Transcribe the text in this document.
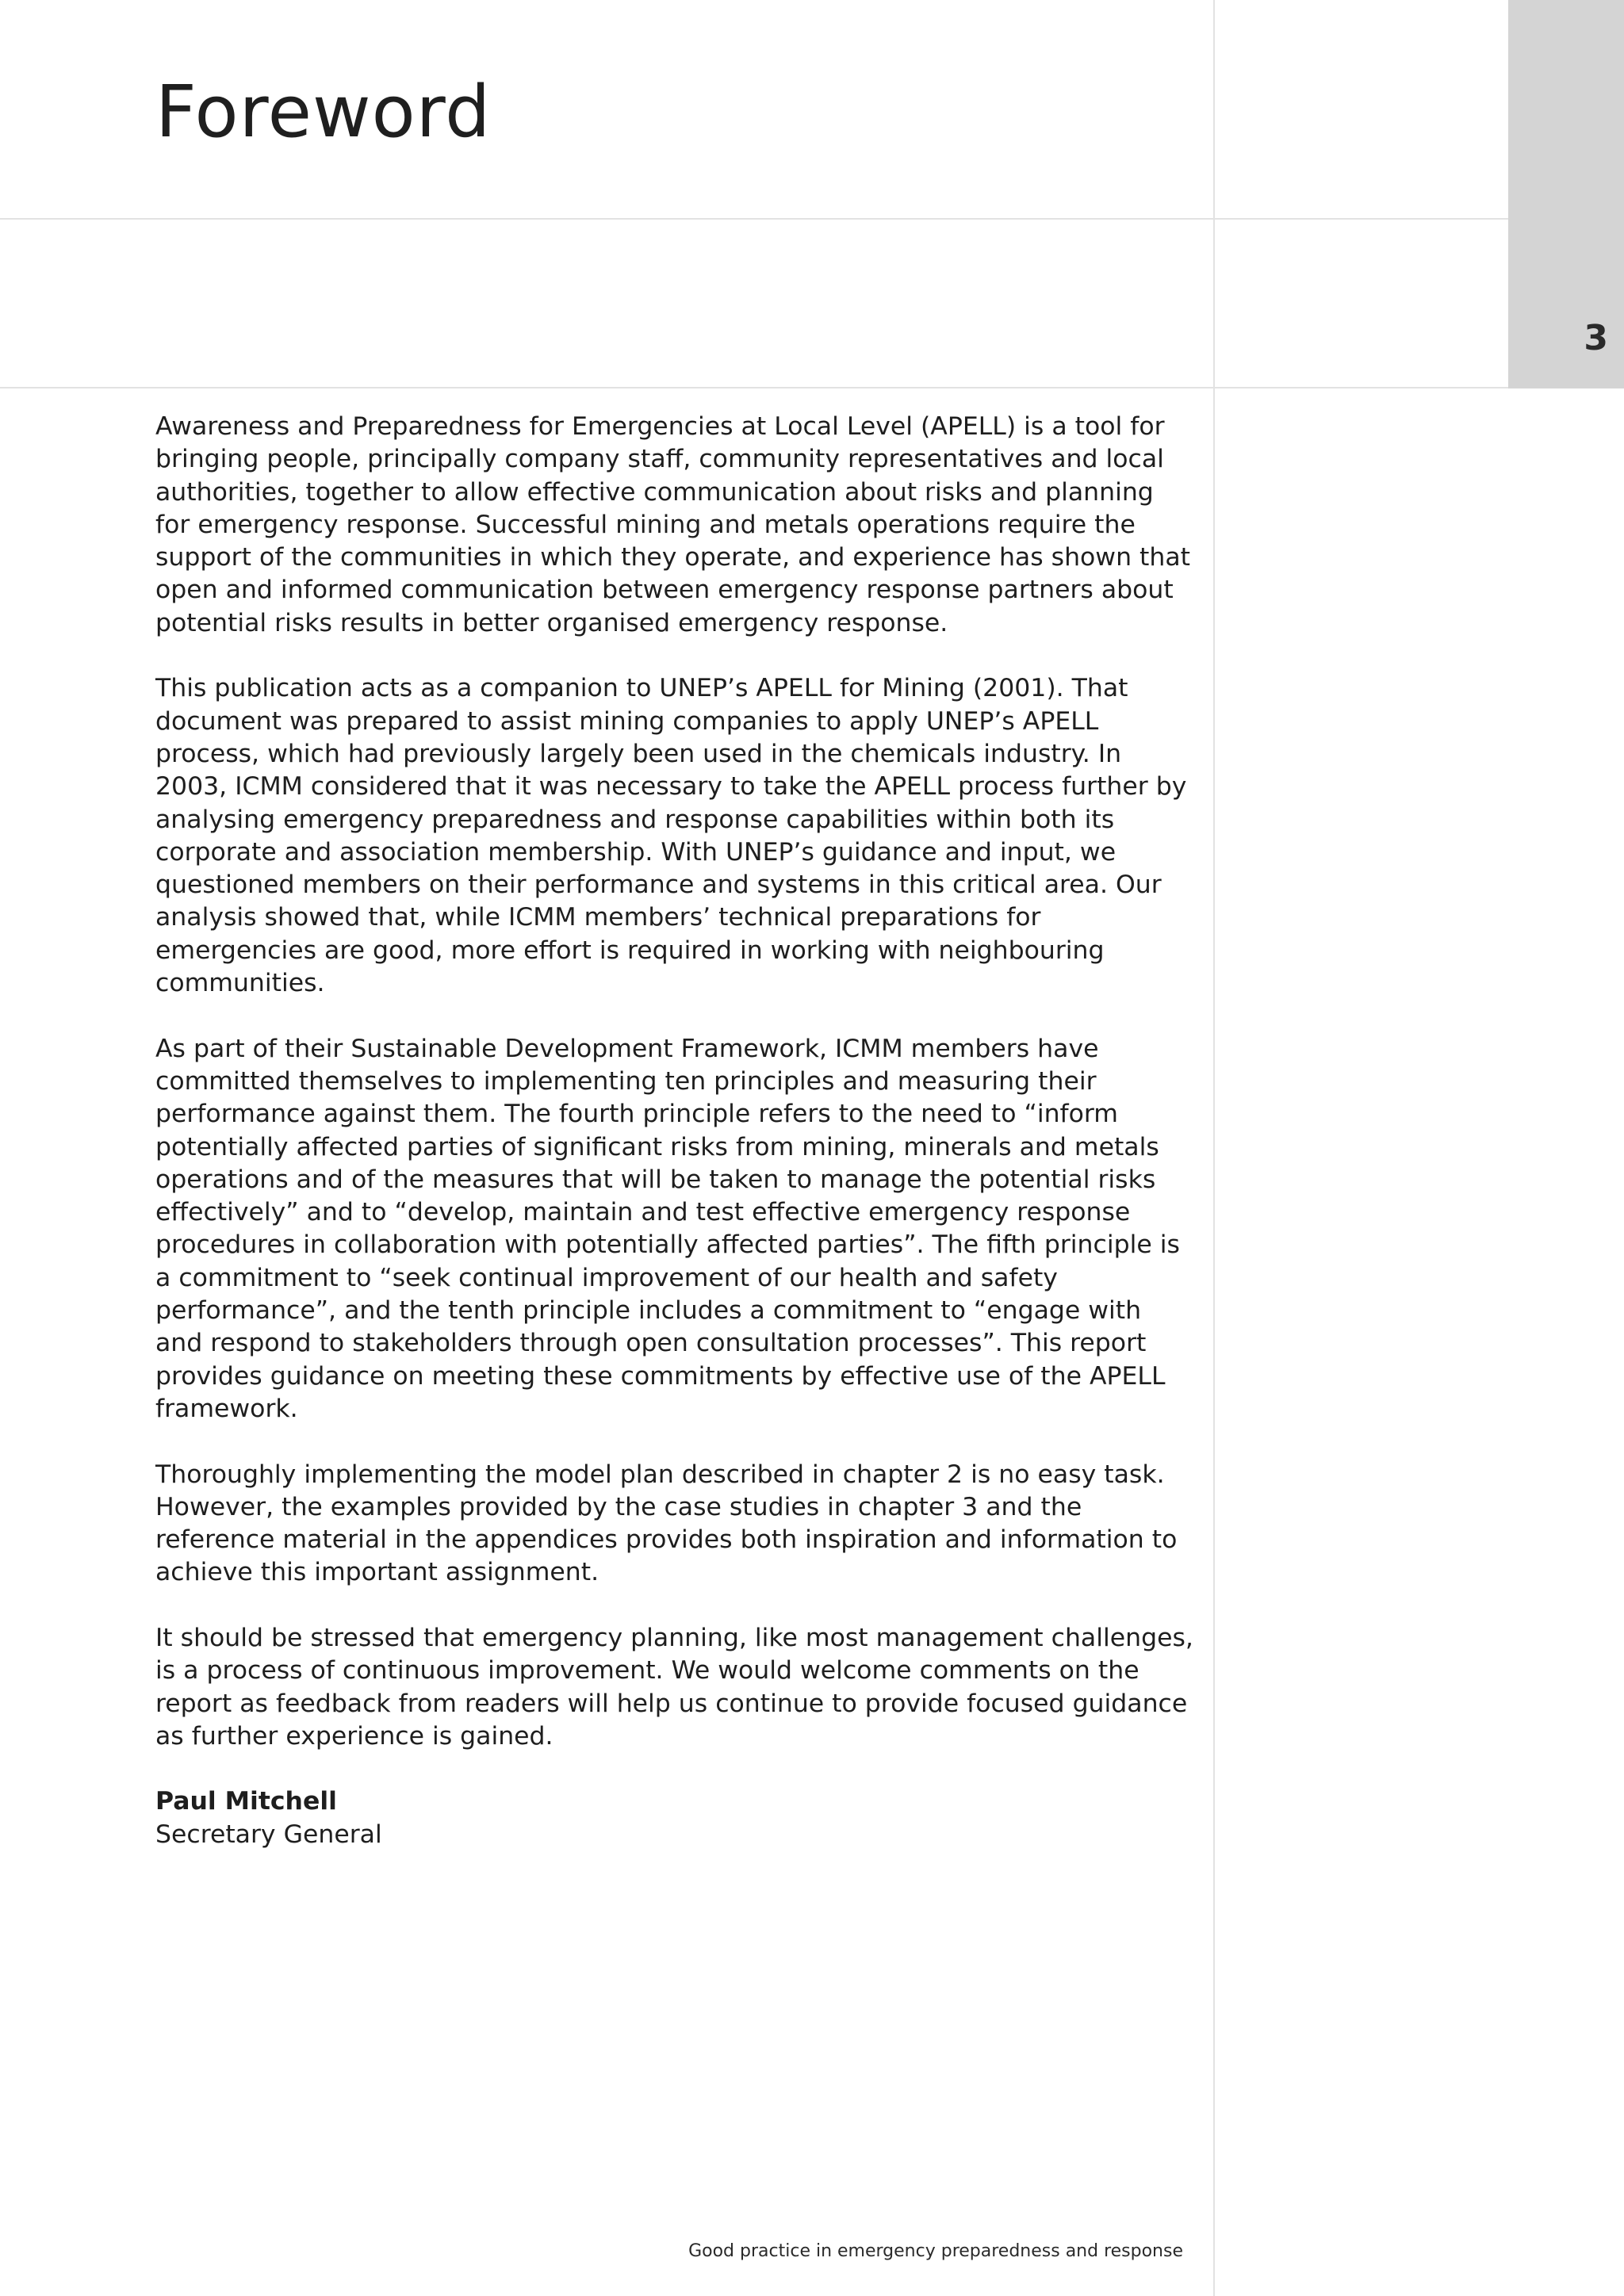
3
Foreword

Awareness and Preparedness for Emergencies at Local Level (APELL) is a tool for bringing people, principally company staff, community representatives and local authorities, together to allow effective communication about risks and planning for emergency response. Successful mining and metals operations require the support of the communities in which they operate, and experience has shown that open and informed communication between emergency response partners about potential risks results in better organised emergency response.

This publication acts as a companion to UNEP’s APELL for Mining (2001). That document was prepared to assist mining companies to apply UNEP’s APELL process, which had previously largely been used in the chemicals industry. In 2003, ICMM considered that it was necessary to take the APELL process further by analysing emergency preparedness and response capabilities within both its corporate and association membership. With UNEP’s guidance and input, we questioned members on their performance and systems in this critical area. Our analysis showed that, while ICMM members’ technical preparations for emergencies are good, more effort is required in working with neighbouring communities.

As part of their Sustainable Development Framework, ICMM members have committed themselves to implementing ten principles and measuring their performance against them. The fourth principle refers to the need to “inform potentially affected parties of significant risks from mining, minerals and metals operations and of the measures that will be taken to manage the potential risks effectively” and to “develop, maintain and test effective emergency response procedures in collaboration with potentially affected parties”. The fifth principle is a commitment to “seek continual improvement of our health and safety performance”, and the tenth principle includes a commitment to “engage with and respond to stakeholders through open consultation processes”. This report provides guidance on meeting these commitments by effective use of the APELL framework.

Thoroughly implementing the model plan described in chapter 2 is no easy task. However, the examples provided by the case studies in chapter 3 and the reference material in the appendices provides both inspiration and information to achieve this important assignment.

It should be stressed that emergency planning, like most management challenges, is a process of continuous improvement. We would welcome comments on the report as feedback from readers will help us continue to provide focused guidance as further experience is gained.

Paul Mitchell
Secretary General
Good practice in emergency preparedness and response
